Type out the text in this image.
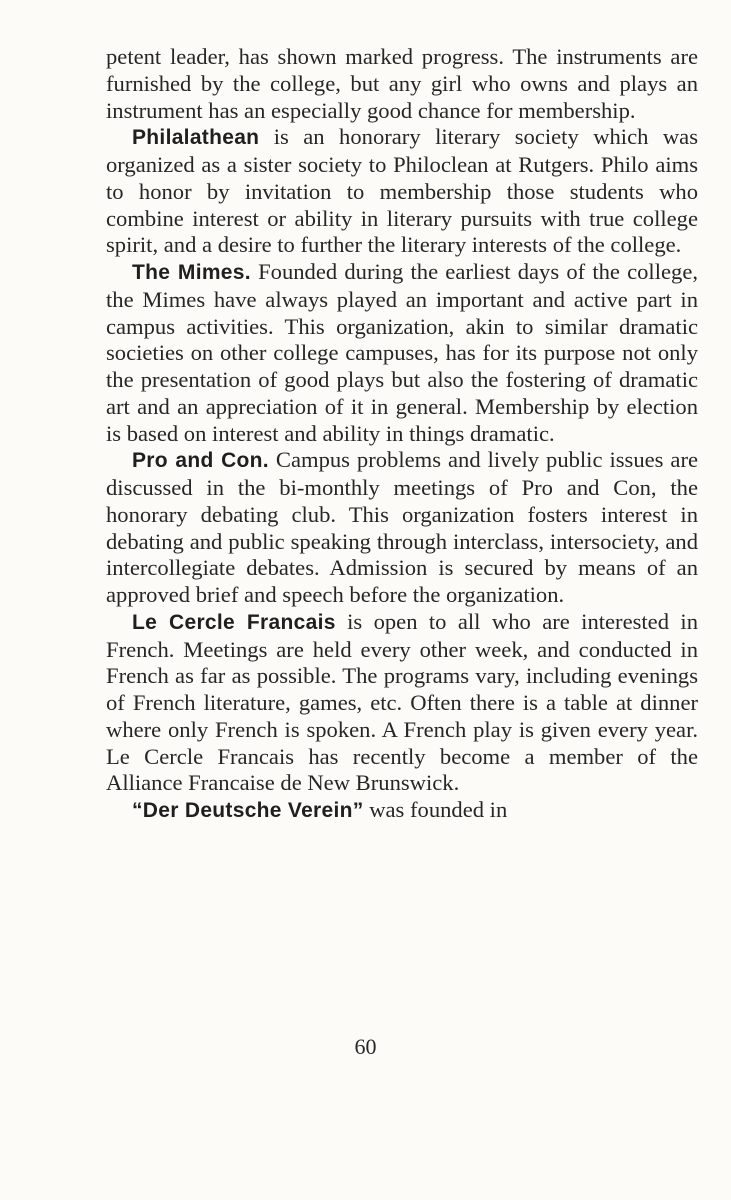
petent leader, has shown marked progress. The instruments are furnished by the college, but any girl who owns and plays an instrument has an especially good chance for membership.

Philalathean is an honorary literary society which was organized as a sister society to Philoclean at Rutgers. Philo aims to honor by invitation to membership those students who combine interest or ability in literary pursuits with true college spirit, and a desire to further the literary interests of the college.

The Mimes. Founded during the earliest days of the college, the Mimes have always played an important and active part in campus activities. This organization, akin to similar dramatic societies on other college campuses, has for its purpose not only the presentation of good plays but also the fostering of dramatic art and an appreciation of it in general. Membership by election is based on interest and ability in things dramatic.

Pro and Con. Campus problems and lively public issues are discussed in the bi-monthly meetings of Pro and Con, the honorary debating club. This organization fosters interest in debating and public speaking through interclass, intersociety, and intercollegiate debates. Admission is secured by means of an approved brief and speech before the organization.

Le Cercle Francais is open to all who are interested in French. Meetings are held every other week, and conducted in French as far as possible. The programs vary, including evenings of French literature, games, etc. Often there is a table at dinner where only French is spoken. A French play is given every year. Le Cercle Francais has recently become a member of the Alliance Francaise de New Brunswick.

“Der Deutsche Verein” was founded in

60
